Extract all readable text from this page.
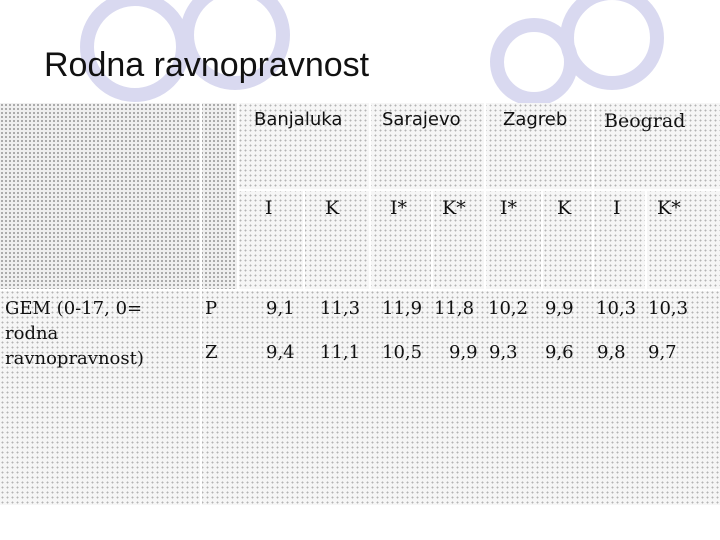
Rodna ravnopravnost
Banjaluka Sarajevo Zagreb Beograd
I	K	I* K* I* K I K*
GEM (0-17, 0=
rodna
ravnopravnost)
P
Z
9,1 11,3 11,9 11,8 10,2 9,9 10,3 10,3
9,4 11,1 10,5 9,9 9,3 9,6 9,8 9,7
